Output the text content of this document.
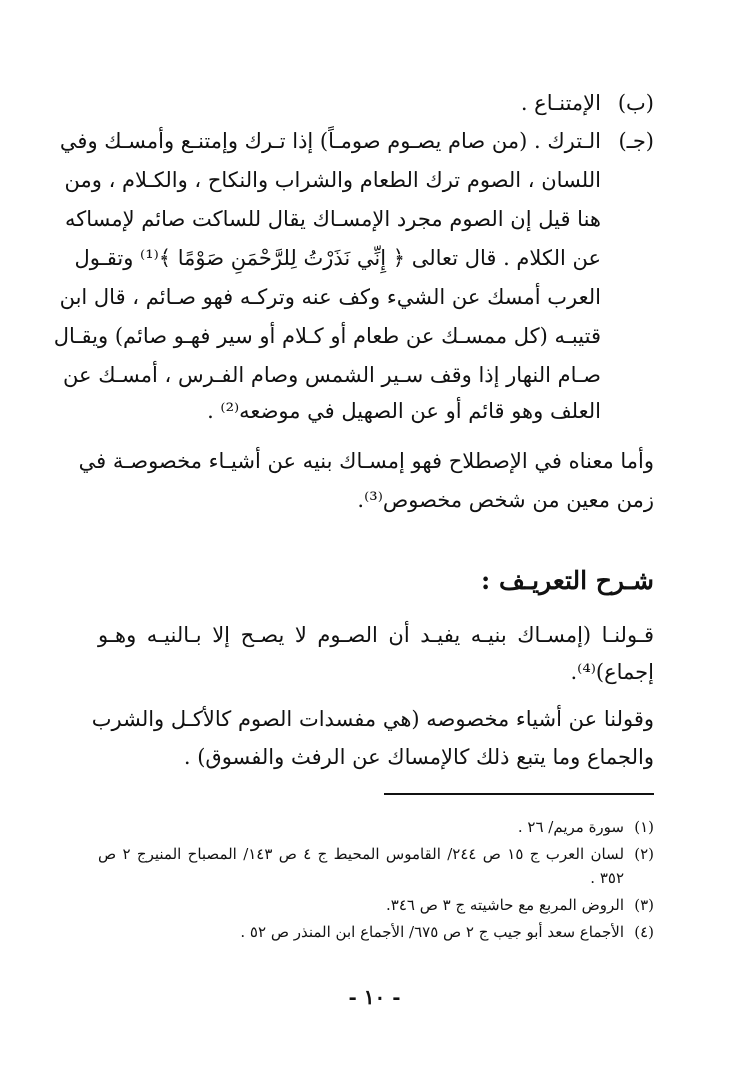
(ب)
الإمتنـاع .
(جـ)
الـترك . (من صام يصـوم صومـاً) إذا تـرك وإمتنـع وأمسـك وفي
اللسان ، الصوم ترك الطعام والشراب والنكاح ، والكـلام ، ومن
هنا قيل إن الصوم مجرد الإمسـاك يقال للساكت صائم لإمساكه
عن الكلام . قال تعالى ﴿ إِنِّي نَذَرْتُ لِلرَّحْمَنِ صَوْمًا ﴾⁽¹⁾ وتقـول
العرب أمسك عن الشيء وكف عنه وتركـه فهو صـائم ، قال ابن
قتيبـه (كل ممسـك عن طعام أو كـلام أو سير فهـو صائم) ويقـال
صـام النهار إذا وقف سـير الشمس وصام الفـرس ، أمسـك عن
العلف وهو قائم أو عن الصهيل في موضعه⁽²⁾ .
وأما معناه في الإصطلاح فهو إمسـاك بنيه عن أشيـاء مخصوصـة في
زمن معين من شخص مخصوص⁽³⁾.
شـرح التعريـف :
قـولنـا (إمسـاك بنيـه يفيـد أن الصـوم لا يصـح إلا بـالنيـه وهـو
إجماع)⁽⁴⁾.
وقولنا عن أشياء مخصوصه (هي مفسدات الصوم كالأكـل والشرب
والجماع وما يتبع ذلك كالإمساك عن الرفث والفسوق) .
(١)سورة مريم/ ٢٦ .
(٢)لسان العرب ج ١٥ ص ٢٤٤/ القاموس المحيط ج ٤ ص ١٤٣/ المصباح المنيرج ٢ ص
٣٥٢ .
(٣)الروض المربع مع حاشيته ج ٣ ص ٣٤٦.
(٤)الأجماع سعد أبو جيب ج ٢ ص ٦٧٥/ الأجماع ابن المنذر ص ٥٢ .
- ١٠ -
